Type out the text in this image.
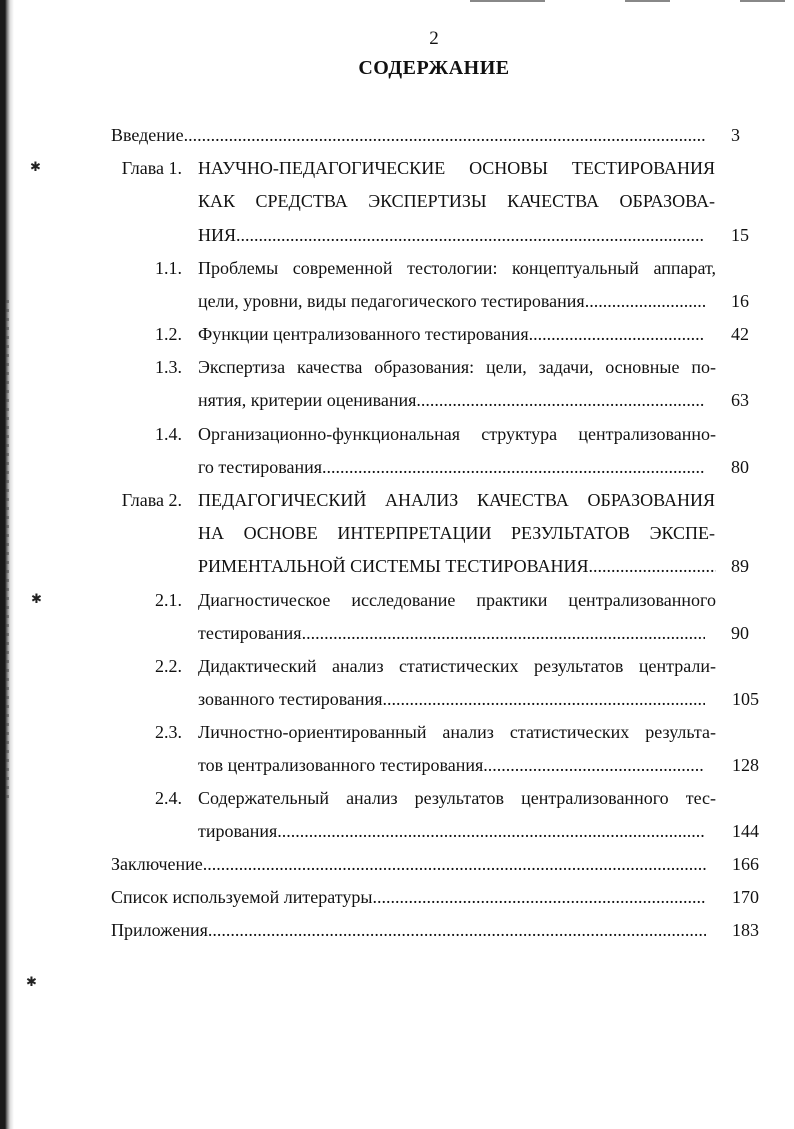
✱
✱
✱
2
СОДЕРЖАНИЕ
Введение .....	3
Глава 1. НАУЧНО-ПЕДАГОГИЧЕСКИЕ ОСНОВЫ ТЕСТИРОВАНИЯ
КАК СРЕДСТВА ЭКСПЕРТИЗЫ КАЧЕСТВА ОБРАЗОВА-
НИЯ .....	15
1.1. Проблемы современной тестологии: концептуальный аппарат,
цели, уровни, виды педагогического тестирования .....	16
1.2. Функции централизованного тестирования .....	42
1.3. Экспертиза качества образования: цели, задачи, основные по-
нятия, критерии оценивания .....	63
1.4. Организационно-функциональная структура централизованно-
го тестирования .....	80
Глава 2. ПЕДАГОГИЧЕСКИЙ АНАЛИЗ КАЧЕСТВА ОБРАЗОВАНИЯ
НА ОСНОВЕ ИНТЕРПРЕТАЦИИ РЕЗУЛЬТАТОВ ЭКСПЕ-
РИМЕНТАЛЬНОЙ СИСТЕМЫ ТЕСТИРОВАНИЯ .....	89
2.1. Диагностическое исследование практики централизованного
тестирования .....	90
2.2. Дидактический анализ статистических результатов централи-
зованного тестирования .....	105
2.3. Личностно-ориентированный анализ статистических результа-
тов централизованного тестирования .....	128
2.4. Содержательный анализ результатов централизованного тес-
тирования .....	144
Заключение .....	166
Список используемой литературы .....	170
Приложения .....	183
